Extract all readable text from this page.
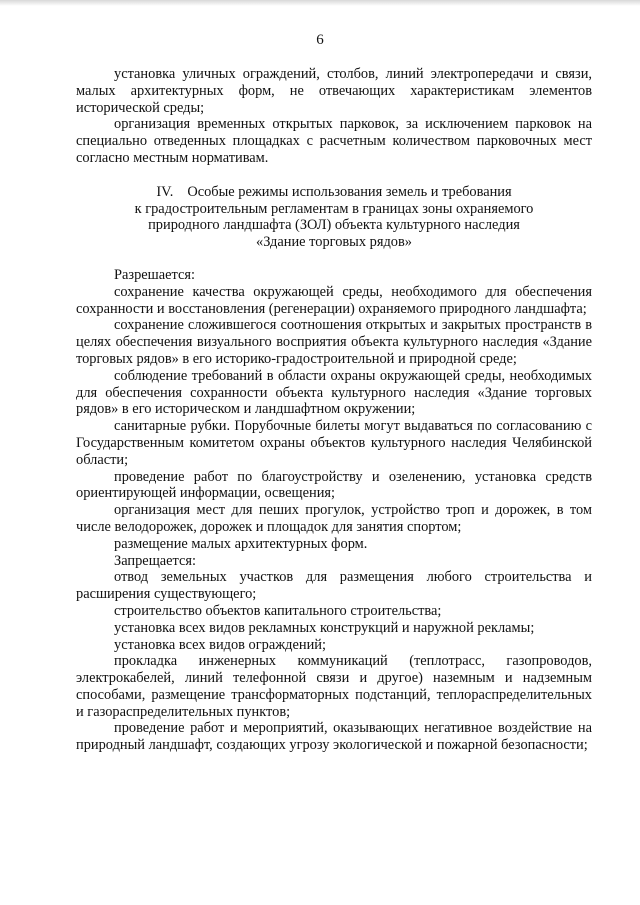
6

установка уличных ограждений, столбов, линий электропередачи и связи, малых архитектурных форм, не отвечающих характеристикам элементов исторической среды;

организация временных открытых парковок, за исключением парковок на специально отведенных площадках с расчетным количеством парковочных мест согласно местным нормативам.

IV. Особые режимы использования земель и требования
к градостроительным регламентам в границах зоны охраняемого
природного ландшафта (ЗОЛ) объекта культурного наследия
«Здание торговых рядов»

Разрешается:

сохранение качества окружающей среды, необходимого для обеспечения сохранности и восстановления (регенерации) охраняемого природного ландшафта;

сохранение сложившегося соотношения открытых и закрытых пространств в целях обеспечения визуального восприятия объекта культурного наследия «Здание торговых рядов» в его историко-градостроительной и природной среде;

соблюдение требований в области охраны окружающей среды, необходимых для обеспечения сохранности объекта культурного наследия «Здание торговых рядов» в его историческом и ландшафтном окружении;

санитарные рубки. Порубочные билеты могут выдаваться по согласованию с Государственным комитетом охраны объектов культурного наследия Челябинской области;

проведение работ по благоустройству и озеленению, установка средств ориентирующей информации, освещения;

организация мест для пеших прогулок, устройство троп и дорожек, в том числе велодорожек, дорожек и площадок для занятия спортом;

размещение малых архитектурных форм.

Запрещается:

отвод земельных участков для размещения любого строительства и расширения существующего;

строительство объектов капитального строительства;

установка всех видов рекламных конструкций и наружной рекламы;

установка всех видов ограждений;

прокладка инженерных коммуникаций (теплотрасс, газопроводов, электрокабелей, линий телефонной связи и другое) наземным и надземным способами, размещение трансформаторных подстанций, теплораспределительных и газораспределительных пунктов;

проведение работ и мероприятий, оказывающих негативное воздействие на природный ландшафт, создающих угрозу экологической и пожарной безопасности;
